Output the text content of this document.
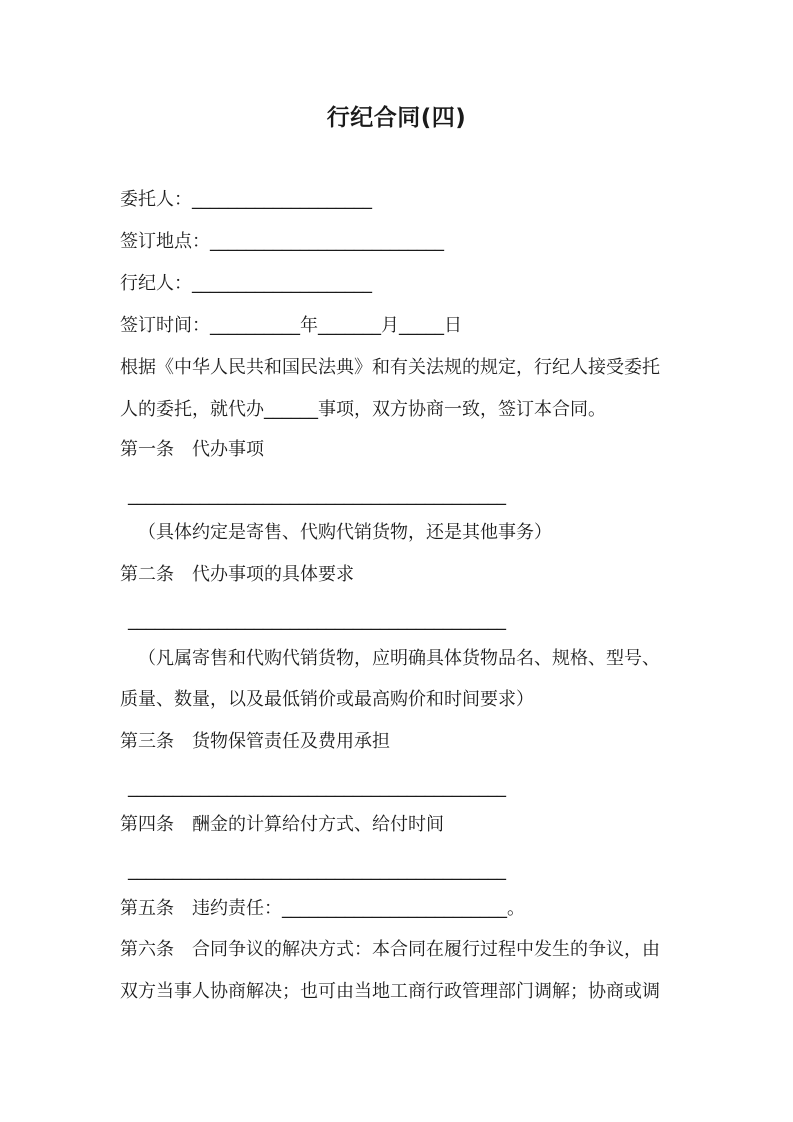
行纪合同(四)
委托人：____________________
签订地点：__________________________
行纪人：____________________
签订时间：__________年_______月_____日
根据《中华人民共和国民法典》和有关法规的规定，行纪人接受委托
人的委托，就代办______事项，双方协商一致，签订本合同。
第一条　代办事项
__________________________________________
（具体约定是寄售、代购代销货物，还是其他事务）
第二条　代办事项的具体要求
__________________________________________
（凡属寄售和代购代销货物，应明确具体货物品名、规格、型号、
质量、数量，以及最低销价或最高购价和时间要求）
第三条　货物保管责任及费用承担
__________________________________________
第四条　酬金的计算给付方式、给付时间
__________________________________________
第五条　违约责任：_________________________。
第六条　合同争议的解决方式：本合同在履行过程中发生的争议，由
双方当事人协商解决；也可由当地工商行政管理部门调解；协商或调
